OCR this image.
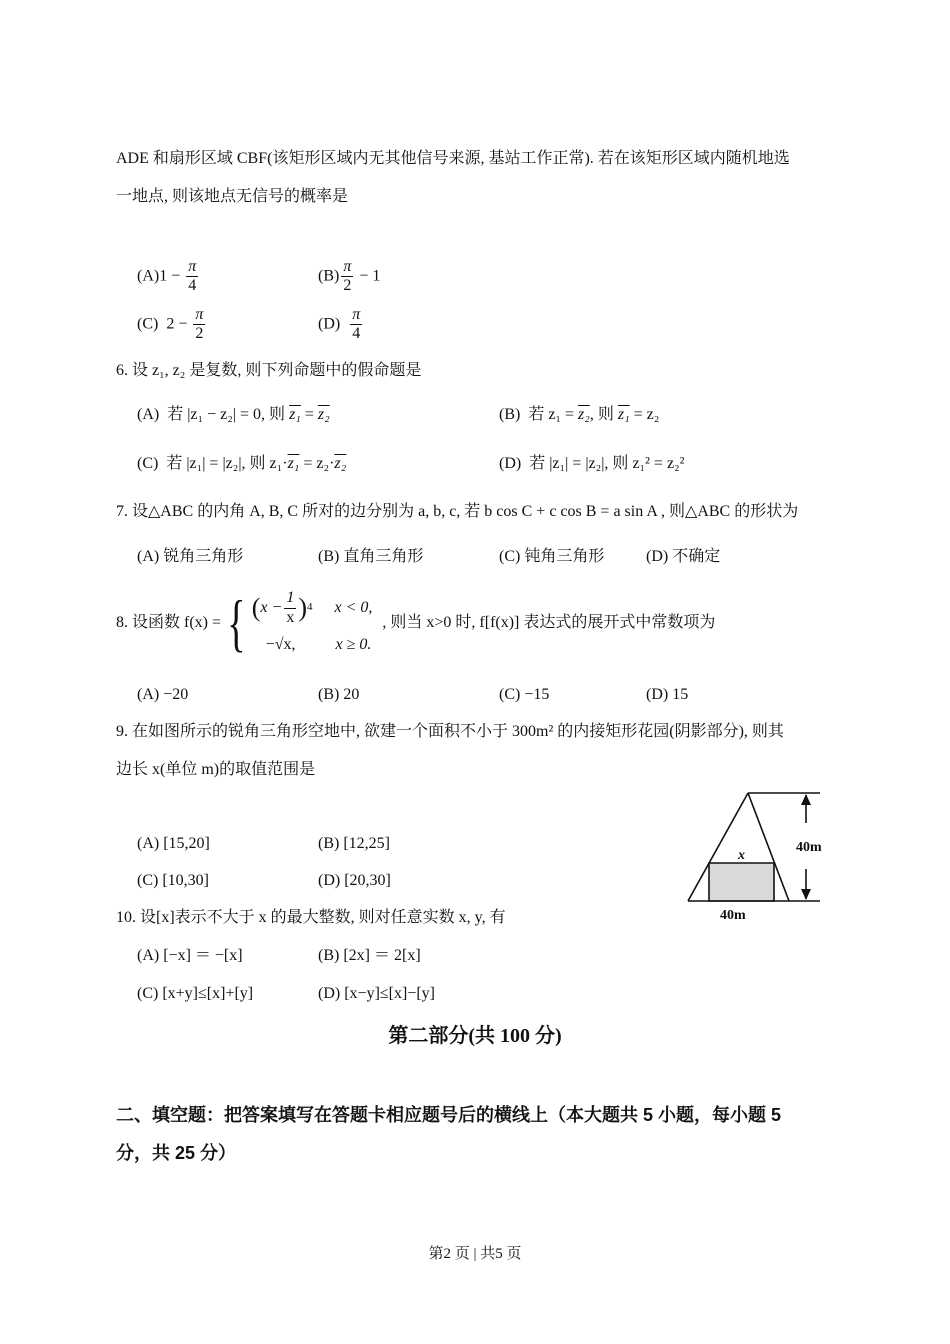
ADE 和扇形区域 CBF(该矩形区域内无其他信号来源, 基站工作正常). 若在该矩形区域内随机地选
一地点, 则该地点无信号的概率是
$(A)1 - \frac{\pi}{4}$	$(B) \frac{\pi}{2} - 1$
(C) $2 - \frac{\pi}{2}$	$(D) \frac{\pi}{4}$
6. 设 z₁, z₂ 是复数, 则下列命题中的假命题是
(A) 若 |z₁ − z₂| = 0, 则 z₁ = z₂	(B) 若 z₁ = z₂, 则 z₁ = z₂
(C) 若 |z₁| = |z₂|, 则 z₁·z₁ = z₂·z₂	(D) 若 |z₁| = |z₂|, 则 z₁² = z₂²
7. 设△ABC 的内角 A, B, C 所对的边分别为 a, b, c, 若 b cos C + c cos B = a sin A , 则△ABC 的形状为
(A) 锐角三角形	(B) 直角三角形	(C) 钝角三角形	(D) 不确定
8. 设函数 f(x) = { ( $x - \frac{1}{x}$ ) 4 x < 0,
−√x,	x ≥ 0.
, 则当 x>0 时, f[f(x)] 表达式的展开式中常数项为
(A) −20	(B) 20	(C) −15	(D) 15
9. 在如图所示的锐角三角形空地中, 欲建一个面积不小于 300m² 的内接矩形花园(阴影部分), 则其
边长 x(单位 m)的取值范围是
(A) [15,20]	(B) [12,25]
(C) [10,30]	(D) [20,30]
x
40m
40m
10. 设[x]表示不大于 x 的最大整数, 则对任意实数 x, y, 有
(A) [−x] ＝ −[x]	(B) [2x] ＝ 2[x]
(C) [x+y]≤[x]+[y]	(D) [x−y]≤[x]−[y]
第二部分(共 100 分)
二、填空题：把答案填写在答题卡相应题号后的横线上（本大题共 5 小题，每小题 5
分，共 25 分）
第2 页 | 共5 页
